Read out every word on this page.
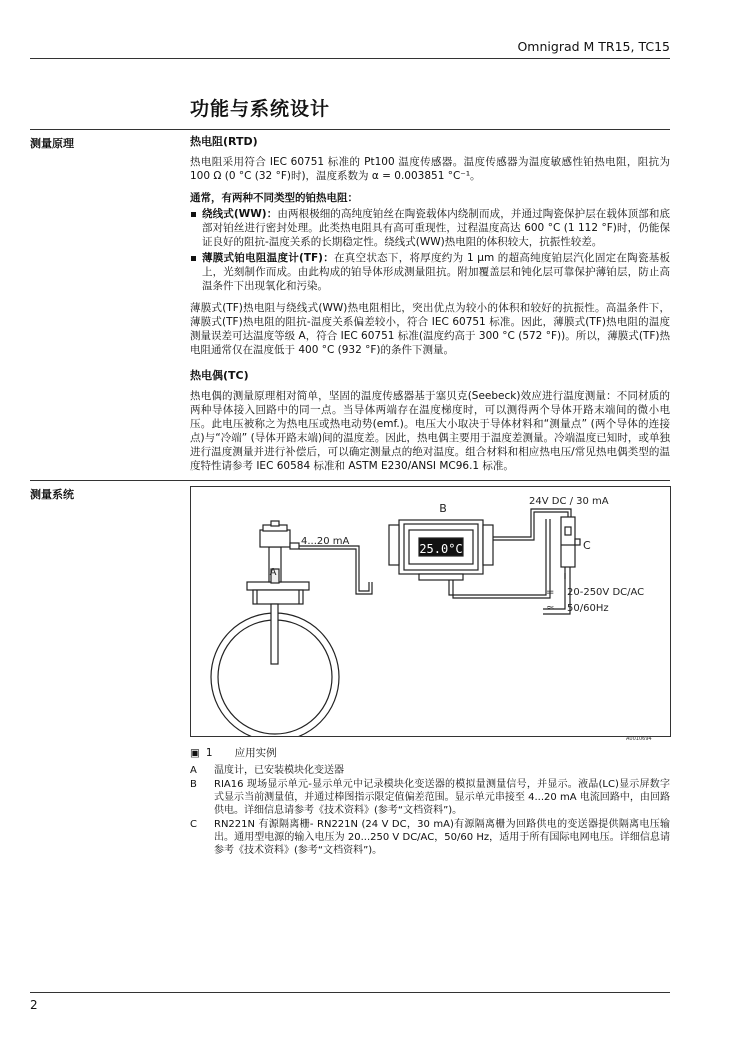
Omnigrad M TR15, TC15
功能与系统设计
测量原理	热电阻(RTD)

热电阻采用符合 IEC 60751 标准的 Pt100 温度传感器。温度传感器为温度敏感性铂热电阻，阻抗为 100 Ω (0 °C (32 °F)时)，温度系数为 α = 0.003851 °C⁻¹。

通常，有两种不同类型的铂热电阻：
绕线式(WW)：由两根极细的高纯度铂丝在陶瓷载体内绕制而成，并通过陶瓷保护层在载体顶部和底部对铂丝进行密封处理。此类热电阻具有高可重现性，过程温度高达 600 °C (1 112 °F)时，仍能保证良好的阻抗-温度关系的长期稳定性。绕线式(WW)热电阻的体积较大，抗振性较差。
薄膜式铂电阻温度计(TF)：在真空状态下，将厚度约为 1 µm 的超高纯度铂层汽化固定在陶瓷基板上，光刻制作而成。由此构成的铂导体形成测量阻抗。附加覆盖层和钝化层可靠保护薄铂层，防止高温条件下出现氧化和污染。

薄膜式(TF)热电阻与绕线式(WW)热电阻相比，突出优点为较小的体积和较好的抗振性。高温条件下，薄膜式(TF)热电阻的阻抗-温度关系偏差较小，符合 IEC 60751 标准。因此，薄膜式(TF)热电阻的温度测量误差可达温度等级 A，符合 IEC 60751 标准(温度约高于 300 °C (572 °F))。所以，薄膜式(TF)热电阻通常仅在温度低于 400 °C (932 °F)的条件下测量。

热电偶(TC)

热电偶的测量原理相对简单，坚固的温度传感器基于塞贝克(Seebeck)效应进行温度测量：不同材质的两种导体接入回路中的同一点。当导体两端存在温度梯度时，可以测得两个导体开路末端间的微小电压。此电压被称之为热电压或热电动势(emf.)。电压大小取决于导体材料和“测量点” (两个导体的连接点)与“冷端” (导体开路末端)间的温度差。因此，热电偶主要用于温度差测量。冷端温度已知时，或单独进行温度测量并进行补偿后，可以确定测量点的绝对温度。组合材料和相应热电压/常见热电偶类型的温度特性请参考 IEC 60584 标准和 ASTM E230/ANSI MC96.1 标准。

测量系统
A
4...20 mA
B
25.0°C
24V DC / 30 mA
C
= 20-250V DC/AC
≈ 50/60Hz
A0010694
▣ 1 应用实例
A	温度计，已安装模块化变送器
B	RIA16 现场显示单元-显示单元中记录模块化变送器的模拟量测量信号，并显示。液晶(LC)显示屏数字式显示当前测量值，并通过棒图指示限定值偏差范围。显示单元串接至 4...20 mA 电流回路中，由回路供电。详细信息请参考《技术资料》(参考“文档资料”)。
C	RN221N 有源隔离栅- RN221N (24 V DC，30 mA)有源隔离栅为回路供电的变送器提供隔离电压输出。通用型电源的输入电压为 20...250 V DC/AC，50/60 Hz，适用于所有国际电网电压。详细信息请参考《技术资料》(参考“文档资料”)。
2
